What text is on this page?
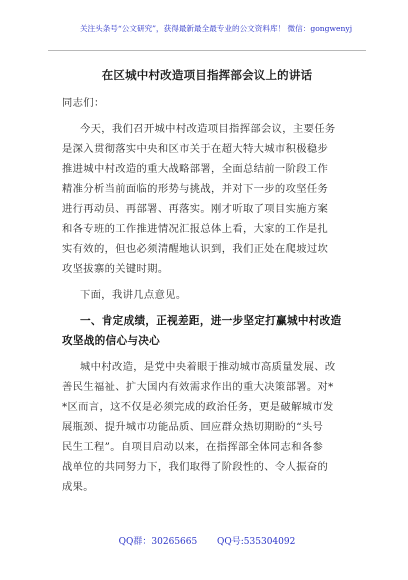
关注头条号“公文研究”，获得最新最全最专业的公文资料库！ 微信：gongwenyj
在区城中村改造项目指挥部会议上的讲话
同志们：
今天，我们召开城中村改造项目指挥部会议，主要任务
是深入贯彻落实中央和区市关于在超大特大城市积极稳步
推进城中村改造的重大战略部署，全面总结前一阶段工作
精准分析当前面临的形势与挑战，并对下一步的攻坚任务
进行再动员、再部署、再落实。刚才听取了项目实施方案
和各专班的工作推进情况汇报总体上看，大家的工作是扎
实有效的，但也必须清醒地认识到，我们正处在爬坡过坎
攻坚拔寨的关键时期。
下面，我讲几点意见。
一、肯定成绩，正视差距，进一步坚定打赢城中村改造
攻坚战的信心与决心
城中村改造，是党中央着眼于推动城市高质量发展、改
善民生福祉、扩大国内有效需求作出的重大决策部署。对*
*区而言，这不仅是必须完成的政治任务，更是破解城市发
展瓶颈、提升城市功能品质、回应群众热切期盼的“头号
民生工程”。自项目启动以来，在指挥部全体同志和各参
战单位的共同努力下，我们取得了阶段性的、令人振奋的
成果。
QQ群：30265665 QQ号:535304092
